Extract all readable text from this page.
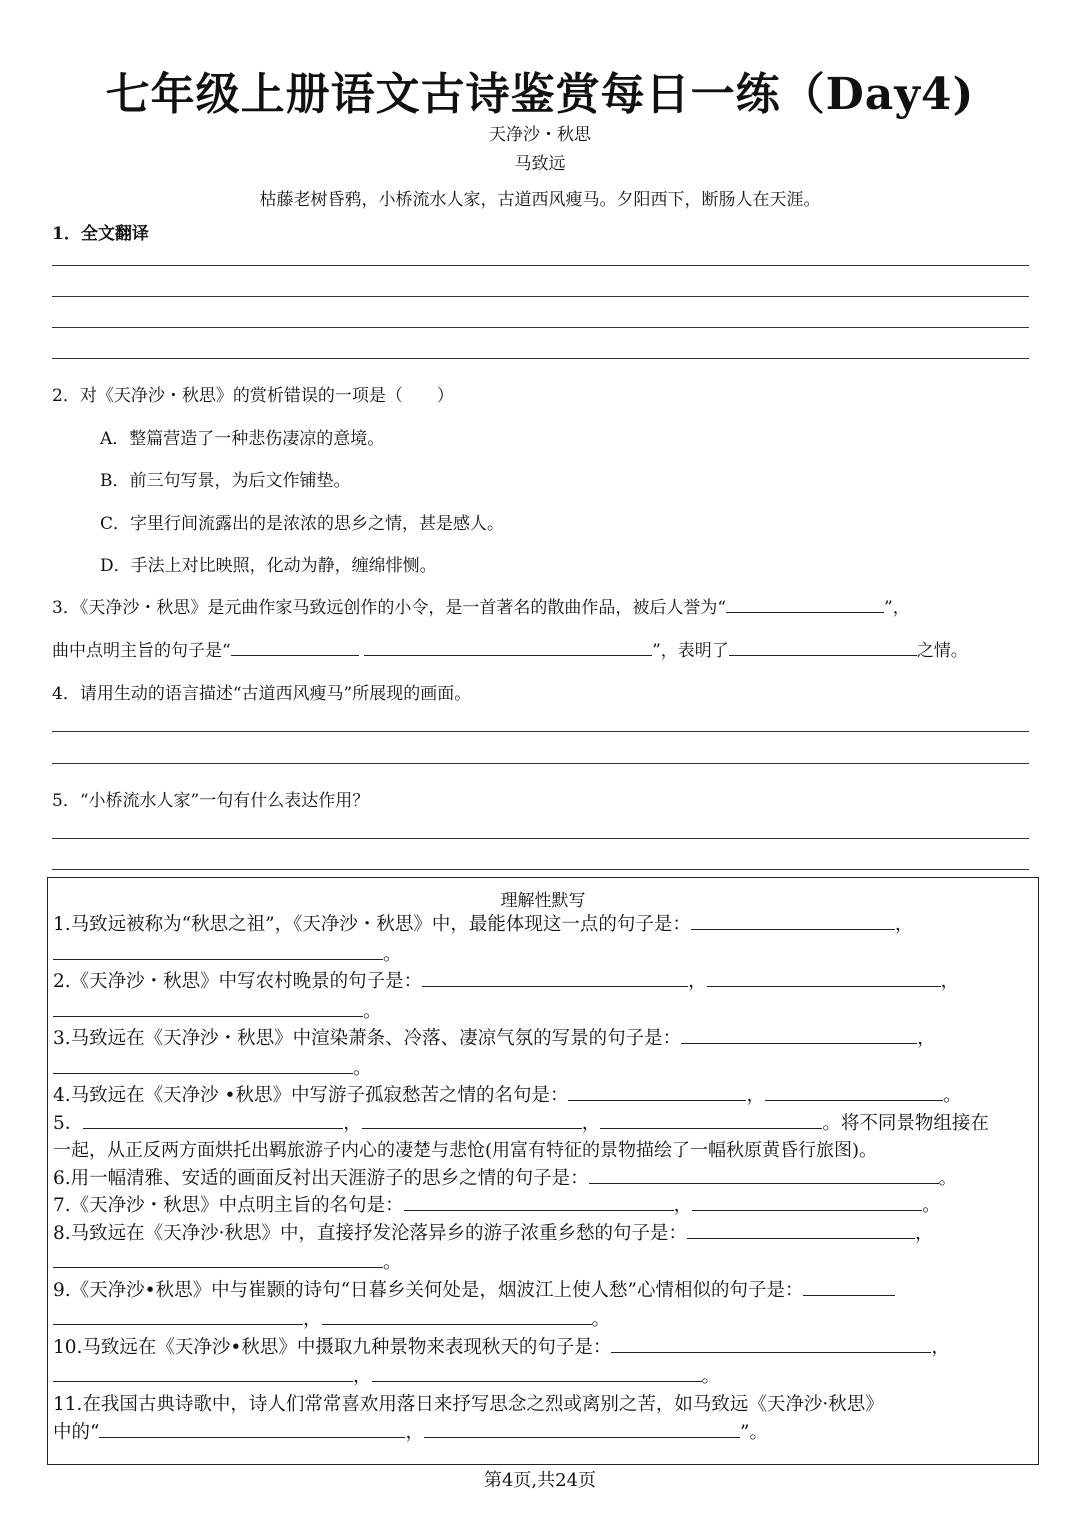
七年级上册语文古诗鉴赏每日一练（Day4)
天净沙・秋思
马致远
枯藤老树昏鸦，小桥流水人家，古道西风瘦马。夕阳西下，断肠人在天涯。
1．全文翻译
2．对《天净沙・秋思》的赏析错误的一项是（　　）
A．整篇营造了一种悲伤凄凉的意境。
B．前三句写景，为后文作铺垫。
C．字里行间流露出的是浓浓的思乡之情，甚是感人。
D．手法上对比映照，化动为静，缠绵悱恻。
3．《天净沙・秋思》是元曲作家马致远创作的小令，是一首著名的散曲作品，被后人誉为“	”，
曲中点明主旨的句子是“	”，表明了	之情。
4．请用生动的语言描述“古道西风瘦马”所展现的画面。
5．“小桥流水人家”一句有什么表达作用？
理解性默写
1.马致远被称为“秋思之祖”，《天净沙・秋思》中，最能体现这一点的句子是：	，
。
2.《天净沙・秋思》中写农村晚景的句子是：	，	，
。
3.马致远在《天净沙・秋思》中渲染萧条、冷落、凄凉气氛的写景的句子是：	，
。
4.马致远在《天净沙 •秋思》中写游子孤寂愁苦之情的名句是：	，	。
5．	，	，	。将不同景物组接在
一起，从正反两方面烘托出羁旅游子内心的凄楚与悲怆(用富有特征的景物描绘了一幅秋原黄昏行旅图)。
6.用一幅清雅、安适的画面反衬出天涯游子的思乡之情的句子是：	。
7.《天净沙・秋思》中点明主旨的名句是：	，	。
8.马致远在《天净沙·秋思》中，直接抒发沦落异乡的游子浓重乡愁的句子是：	，
。
9.《天净沙•秋思》中与崔颢的诗句“日暮乡关何处是，烟波江上使人愁”心情相似的句子是：
，	。
10.马致远在《天净沙•秋思》中摄取九种景物来表现秋天的句子是：	，
，	。
11.在我国古典诗歌中，诗人们常常喜欢用落日来抒写思念之烈或离别之苦，如马致远《天净沙·秋思》
中的“	，	”。
第4页,共24页
